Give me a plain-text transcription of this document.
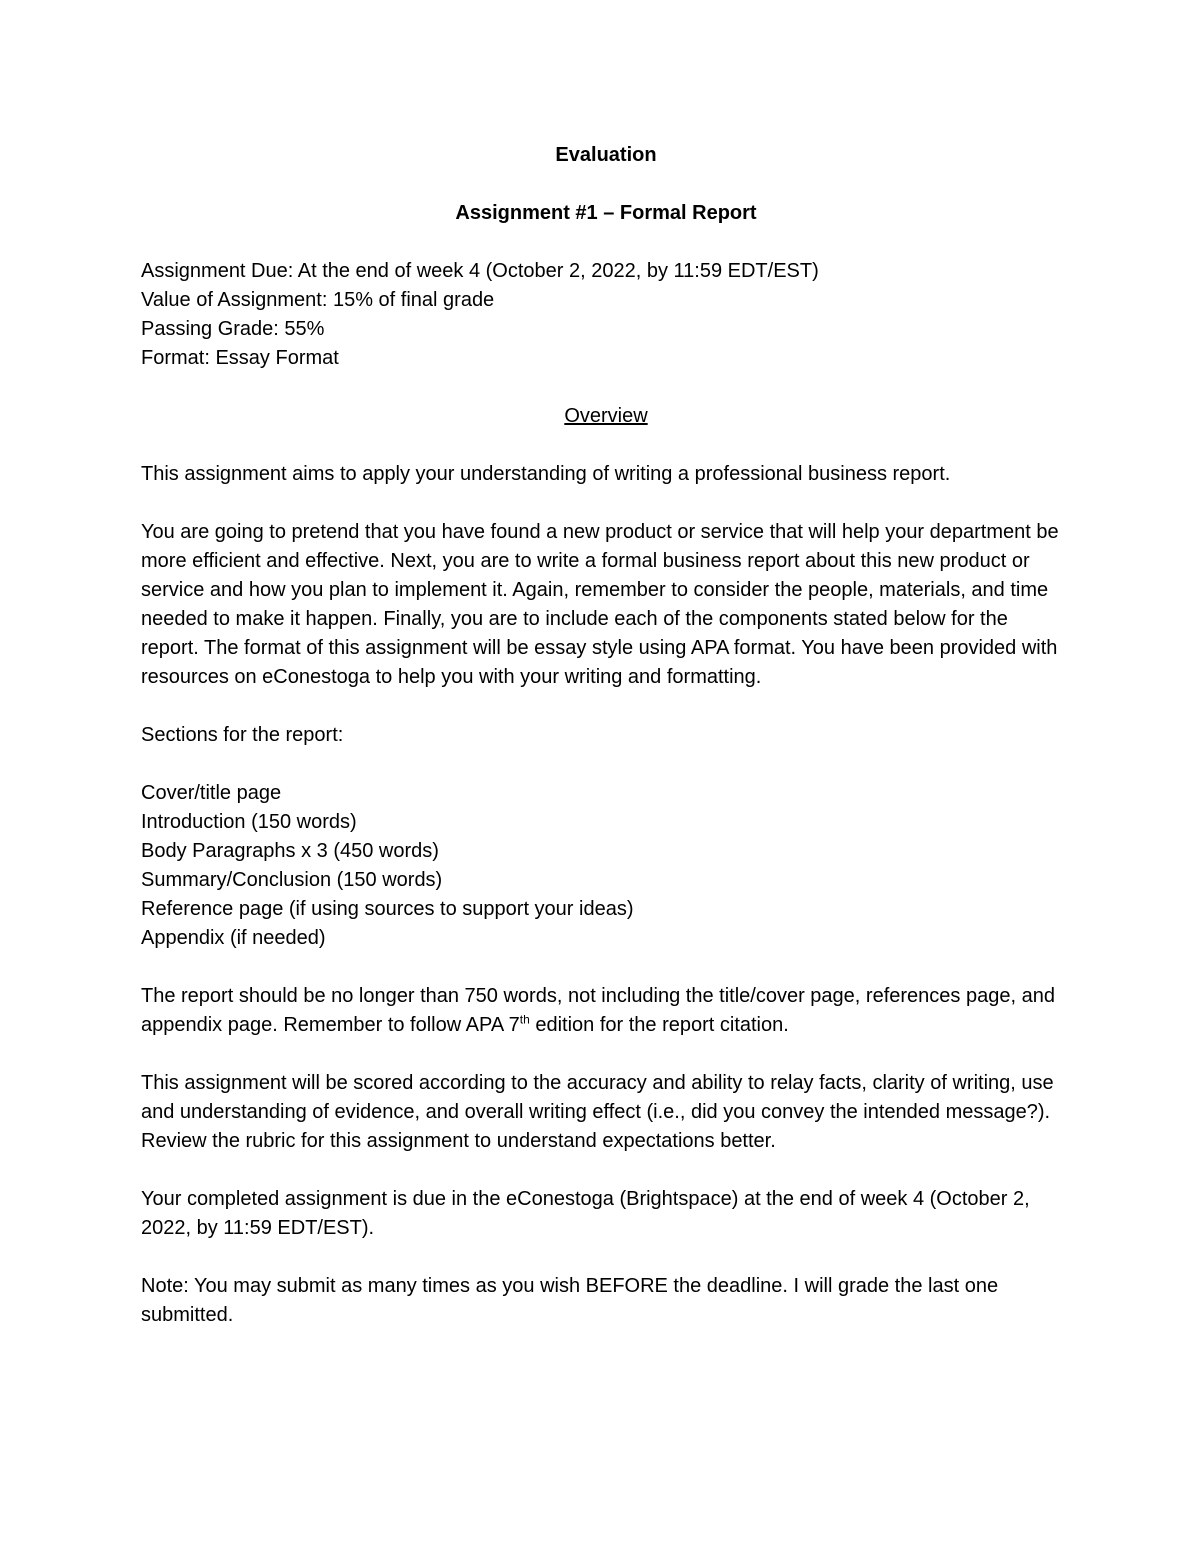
Evaluation

Assignment #1 – Formal Report

Assignment Due: At the end of week 4 (October 2, 2022, by 11:59 EDT/EST)

Value of Assignment: 15% of final grade

Passing Grade: 55%

Format: Essay Format

Overview

This assignment aims to apply your understanding of writing a professional business report.

You are going to pretend that you have found a new product or service that will help your department be more efficient and effective. Next, you are to write a formal business report about this new product or service and how you plan to implement it. Again, remember to consider the people, materials, and time needed to make it happen. Finally, you are to include each of the components stated below for the report. The format of this assignment will be essay style using APA format. You have been provided with resources on eConestoga to help you with your writing and formatting.

Sections for the report:

Cover/title page
Introduction (150 words)
Body Paragraphs x 3 (450 words)
Summary/Conclusion (150 words)
Reference page (if using sources to support your ideas)
Appendix (if needed)

The report should be no longer than 750 words, not including the title/cover page, references page, and appendix page. Remember to follow APA 7th edition for the report citation.

This assignment will be scored according to the accuracy and ability to relay facts, clarity of writing, use and understanding of evidence, and overall writing effect (i.e., did you convey the intended message?). Review the rubric for this assignment to understand expectations better.

Your completed assignment is due in the eConestoga (Brightspace) at the end of week 4 (October 2, 2022, by 11:59 EDT/EST).

Note: You may submit as many times as you wish BEFORE the deadline. I will grade the last one submitted.
